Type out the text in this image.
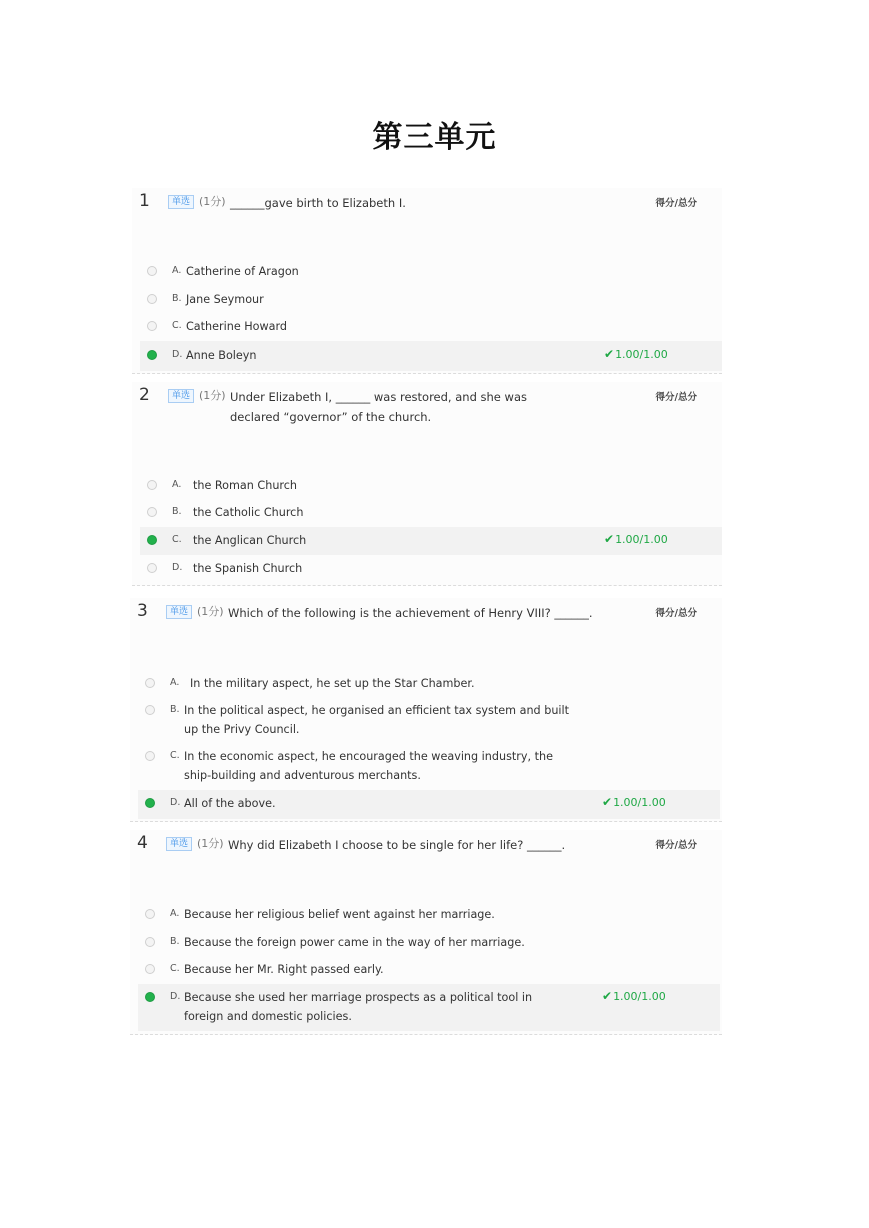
第三单元
1	单选 (1分) ______gave birth to Elizabeth I.	得分/总分
A. Catherine of Aragon
B. Jane Seymour
C. Catherine Howard
D. Anne Boleyn	✔1.00/1.00
2	单选 (1分) Under Elizabeth I, ______ was restored, and she was declared “governor” of the church.
得分/总分
A. the Roman Church
B. the Catholic Church
C. the Anglican Church	✔1.00/1.00
D. the Spanish Church
3	单选 (1分) Which of the following is the achievement of Henry VIII? ______.	得分/总分
A. In the military aspect, he set up the Star Chamber.
B. In the political aspect, he organised an efficient tax system and built up the Privy Council.
C. In the economic aspect, he encouraged the weaving industry, the ship-building and adventurous merchants.
D. All of the above.	✔1.00/1.00
4	单选 (1分) Why did Elizabeth I choose to be single for her life? ______.	得分/总分
A. Because her religious belief went against her marriage.
B. Because the foreign power came in the way of her marriage.
C. Because her Mr. Right passed early.
D. Because she used her marriage prospects as a political tool in foreign and domestic policies.
✔1.00/1.00
